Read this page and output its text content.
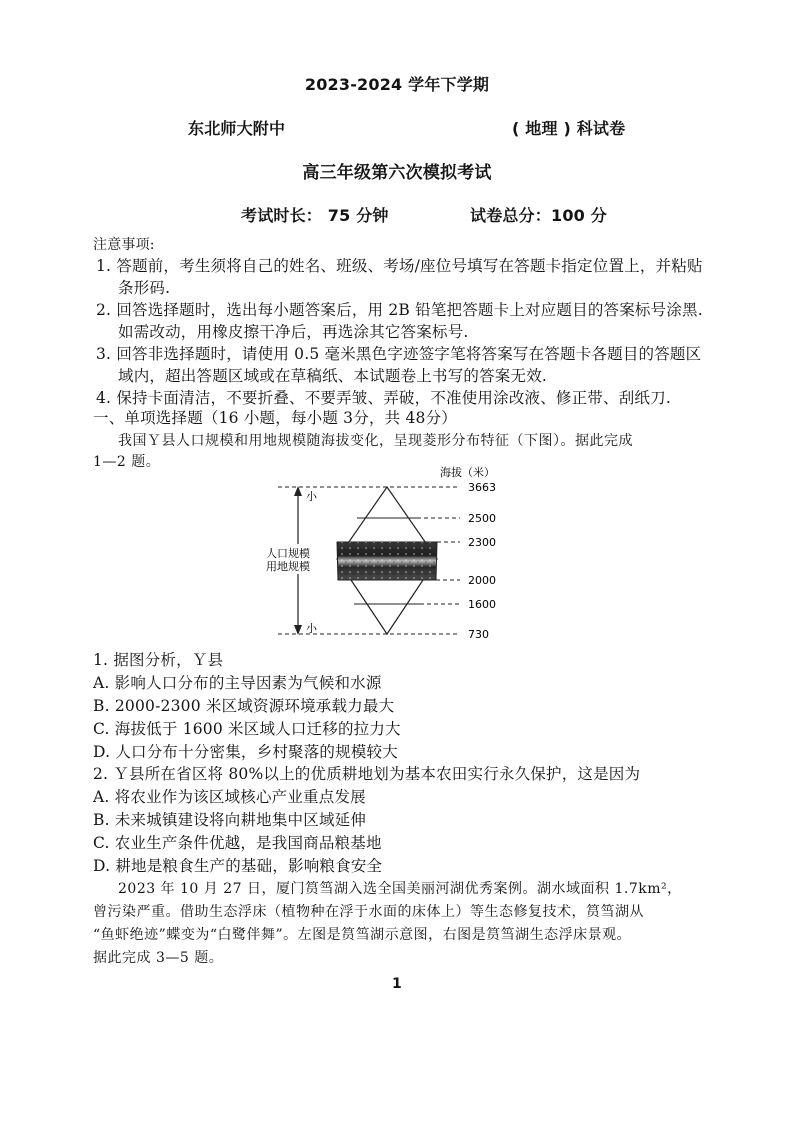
2023-2024 学年下学期
东北师大附中	( 地理 ) 科试卷
高三年级第六次模拟考试
考试时长： 75 分钟	试卷总分：100 分
注意事项:
1. 答题前，考生须将自己的姓名、班级、考场/座位号填写在答题卡指定位置上，并粘贴
条形码.
2. 回答选择题时，选出每小题答案后，用 2B 铅笔把答题卡上对应题目的答案标号涂黑.
如需改动，用橡皮擦干净后，再选涂其它答案标号.
3. 回答非选择题时，请使用 0.5 毫米黑色字迹签字笔将答案写在答题卡各题目的答题区
域内，超出答题区域或在草稿纸、本试题卷上书写的答案无效.
4. 保持卡面清洁，不要折叠、不要弄皱、弄破，不准使用涂改液、修正带、刮纸刀.
一、单项选择题（16 小题，每小题 3分，共 48分）
我国Ｙ县人口规模和用地规模随海拔变化，呈现菱形分布特征（下图）。据此完成
1—2 题。
海拔（米）
小
小
人口规模
用地规模
3663
2500
2300
2000
1600
730
1. 据图分析，Ｙ县
A. 影响人口分布的主导因素为气候和水源
B. 2000-2300 米区域资源环境承载力最大
C. 海拔低于 1600 米区域人口迁移的拉力大
D. 人口分布十分密集，乡村聚落的规模较大
2. Ｙ县所在省区将 80%以上的优质耕地划为基本农田实行永久保护，这是因为
A. 将农业作为该区域核心产业重点发展
B. 未来城镇建设将向耕地集中区域延伸
C. 农业生产条件优越，是我国商品粮基地
D. 耕地是粮食生产的基础，影响粮食安全
2023 年 10 月 27 日，厦门筼筜湖入选全国美丽河湖优秀案例。湖水域面积 1.7km²，
曾污染严重。借助生态浮床（植物种在浮于水面的床体上）等生态修复技术，筼筜湖从
“鱼虾绝迹”蝶变为“白鹭伴舞”。左图是筼筜湖示意图，右图是筼筜湖生态浮床景观。
据此完成 3—5 题。
1
